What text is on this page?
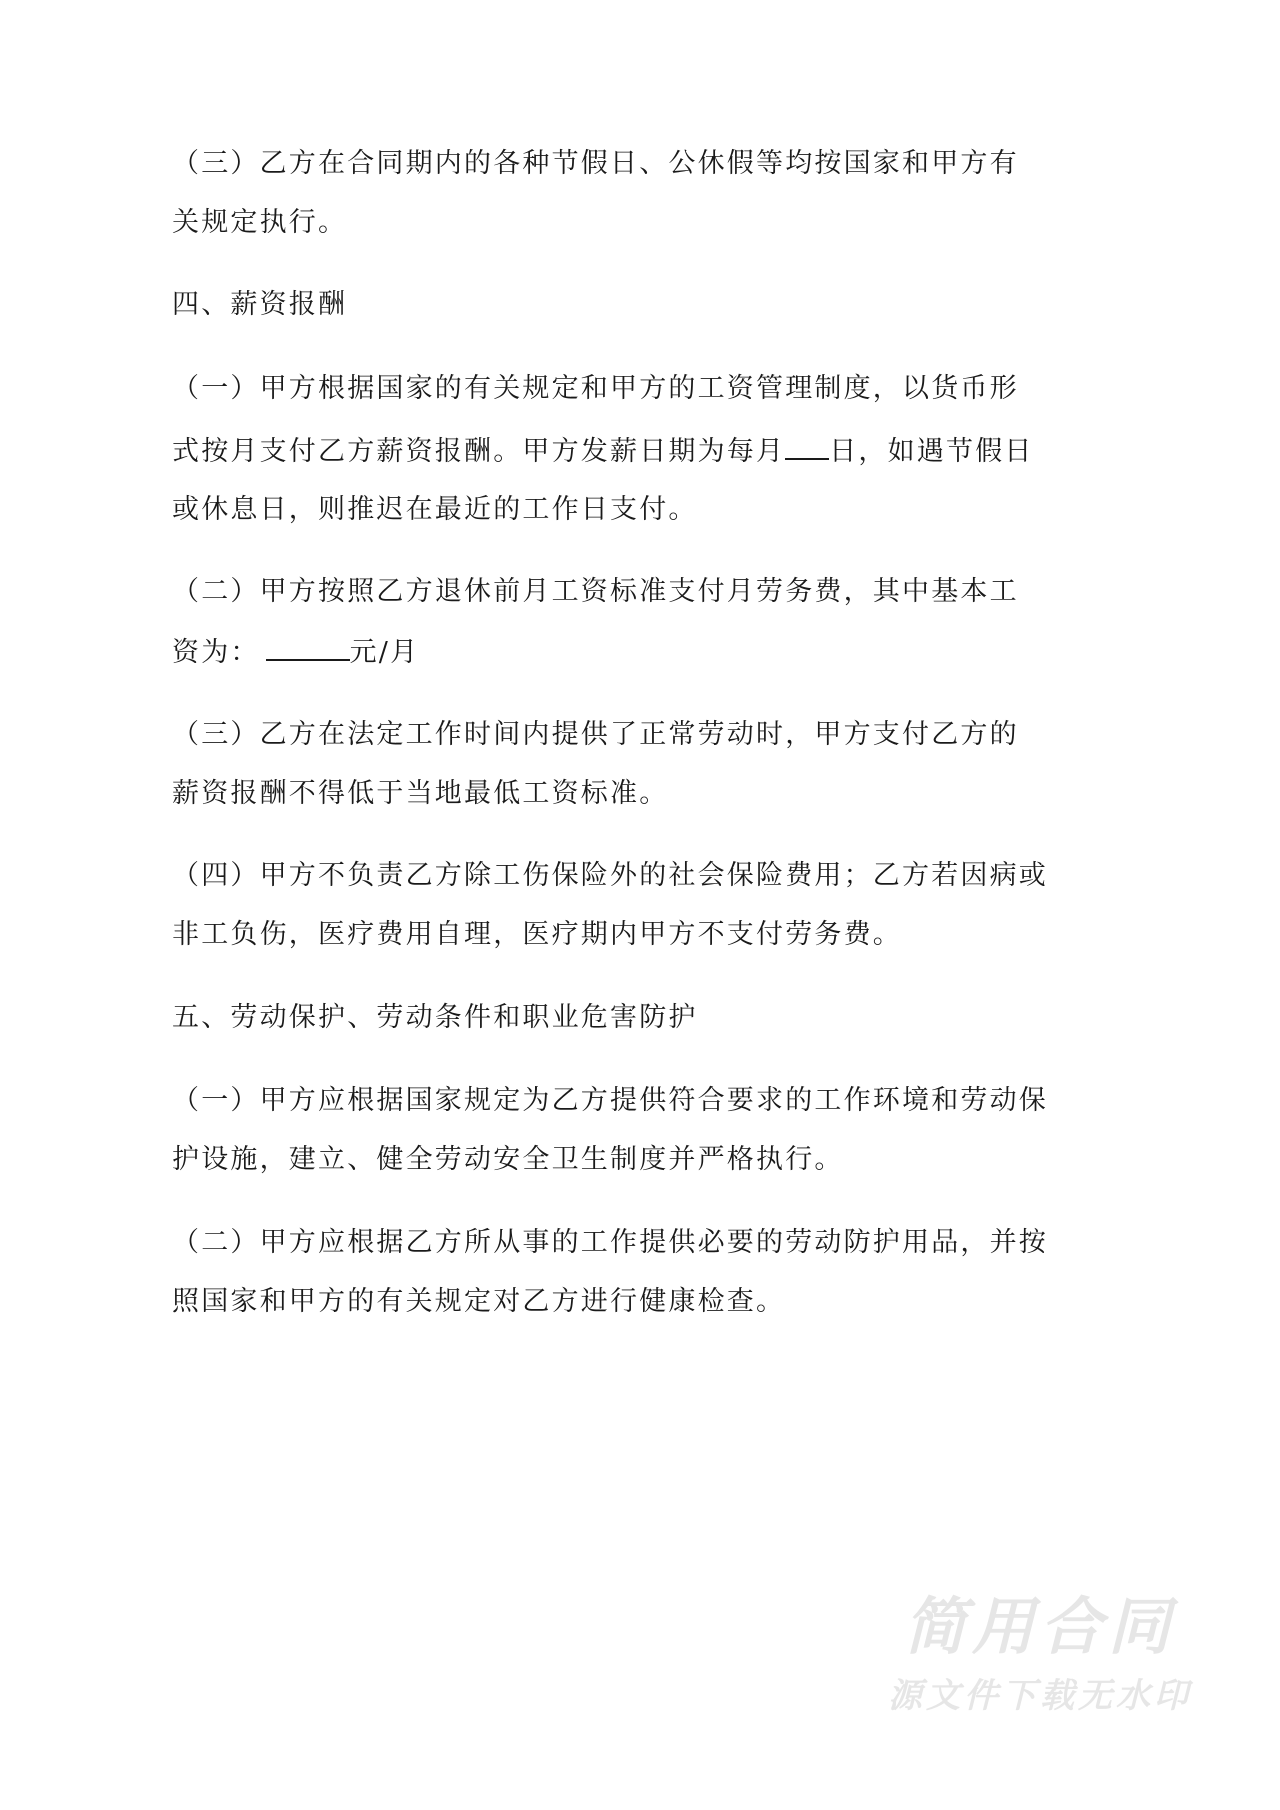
（三）乙方在合同期内的各种节假日、公休假等均按国家和甲方有
关规定执行。
四、薪资报酬
（一）甲方根据国家的有关规定和甲方的工资管理制度，以货币形
式按月支付乙方薪资报酬。甲方发薪日期为每月 日，如遇节假日
或休息日，则推迟在最近的工作日支付。
（二）甲方按照乙方退休前月工资标准支付月劳务费，其中基本工
资为：	元/月
（三）乙方在法定工作时间内提供了正常劳动时，甲方支付乙方的
薪资报酬不得低于当地最低工资标准。
（四）甲方不负责乙方除工伤保险外的社会保险费用；乙方若因病或
非工负伤，医疗费用自理，医疗期内甲方不支付劳务费。
五、劳动保护、劳动条件和职业危害防护
（一）甲方应根据国家规定为乙方提供符合要求的工作环境和劳动保
护设施，建立、健全劳动安全卫生制度并严格执行。
（二）甲方应根据乙方所从事的工作提供必要的劳动防护用品，并按
照国家和甲方的有关规定对乙方进行健康检查。
简用合同
源文件下载无水印
